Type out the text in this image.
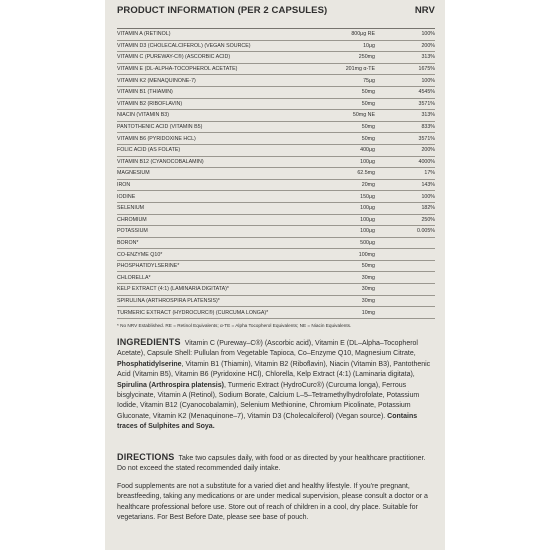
PRODUCT INFORMATION (PER 2 CAPSULES)	NRV
VITAMIN A (RETINOL)	800μg RE	100%
VITAMIN D3 (CHOLECALCIFEROL) (VEGAN SOURCE)	10μg	200%
VITAMIN C (PUREWAY-C®) (ASCORBIC ACID)	250mg	313%
VITAMIN E (DL-ALPHA-TOCOPHEROL ACETATE)	201mg α-TE	1675%
VITAMIN K2 (MENAQUINONE-7)	75μg	100%
VITAMIN B1 (THIAMIN)	50mg	4545%
VITAMIN B2 (RIBOFLAVIN)	50mg	3571%
NIACIN (VITAMIN B3)	50mg NE	313%
PANTOTHENIC ACID (VITAMIN B5)	50mg	833%
VITAMIN B6 (PYRIDOXINE HCL)	50mg	3571%
FOLIC ACID (AS FOLATE)	400μg	200%
VITAMIN B12 (CYANOCOBALAMIN)	100μg	4000%
MAGNESIUM	62.5mg	17%
IRON	20mg	143%
IODINE	150μg	100%
SELENIUM	100μg	182%
CHROMIUM	100μg	250%
POTASSIUM	100μg	0.005%
BORON*	500μg
CO-ENZYME Q10*	100mg
PHOSPHATIDYLSERINE*	50mg
CHLORELLA*	30mg
KELP EXTRACT (4:1) (LAMINARIA DIGITATA)*	30mg
SPIRULINA (ARTHROSPIRA PLATENSIS)*	30mg
TURMERIC EXTRACT (HYDROCURC®) (CURCUMA LONGA)*	10mg
* No NRV Established. RE = Retinol Equivalents; α-TE = Alpha Tocopherol Equivalents; NE = Niacin Equivalents.
INGREDIENTS Vitamin C (Pureway–C®) (Ascorbic acid), Vitamin E (DL–Alpha–Tocopherol Acetate), Capsule Shell: Pullulan from Vegetable Tapioca, Co–Enzyme Q10, Magnesium Citrate, Phosphatidylserine, Vitamin B1 (Thiamin), Vitamin B2 (Riboflavin), Niacin (Vitamin B3), Pantothenic Acid (Vitamin B5), Vitamin B6 (Pyridoxine HCl), Chlorella, Kelp Extract (4:1) (Laminaria digitata), Spirulina (Arthrospira platensis), Turmeric Extract (HydroCurc®) (Curcuma longa), Ferrous bisglycinate, Vitamin A (Retinol), Sodium Borate, Calcium L–5–Tetramethylhydrofolate, Potassium Iodide, Vitamin B12 (Cyanocobalamin), Selenium Methionine, Chromium Picolinate, Potassium Gluconate, Vitamin K2 (Menaquinone–7), Vitamin D3 (Cholecalciferol) (Vegan source). Contains traces of Sulphites and Soya.
DIRECTIONS Take two capsules daily, with food or as directed by your healthcare practitioner. Do not exceed the stated recommended daily intake.
Food supplements are not a substitute for a varied diet and healthy lifestyle. If you're pregnant, breastfeeding, taking any medications or are under medical supervision, please consult a doctor or a healthcare professional before use. Store out of reach of children in a cool, dry place. Suitable for vegetarians. For Best Before Date, please see base of pouch.
